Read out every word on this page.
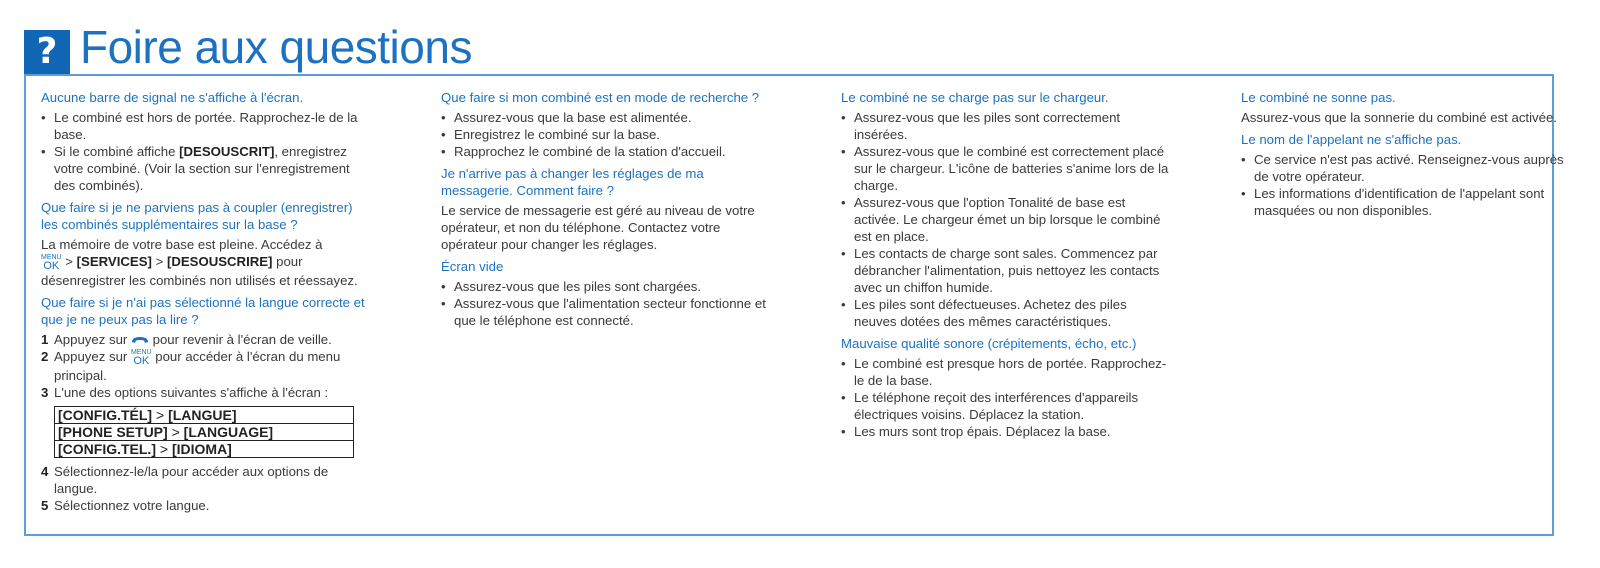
? Foire aux questions
Aucune barre de signal ne s'affiche à l'écran.
• Le combiné est hors de portée. Rapprochez-le de la base.
• Si le combiné affiche [DESOUSCRIT], enregistrez votre combiné. (Voir la section sur l'enregistrement des combinés).
Que faire si je ne parviens pas à coupler (enregistrer) les combinés supplémentaires sur la base ?

La mémoire de votre base est pleine. Accédez à

MENU
OK > [SERVICES] > [DESOUSCRIRE] pour désenregistrer les combinés non utilisés et réessayez.

Que faire si je n'ai pas sélectionné la langue correcte et que je ne peux pas la lire ?
1 Appuyez sur  pour revenir à l'écran de veille.
2 Appuyez sur MENU
OK pour accéder à l'écran du menu principal.
3 L'une des options suivantes s'affiche à l'écran :
[CONFIG.TÉL] > [LANGUE]
[PHONE SETUP] > [LANGUAGE]
[CONFIG.TEL.] > [IDIOMA]
4 Sélectionnez-le/la pour accéder aux options de langue.
5 Sélectionnez votre langue.
Que faire si mon combiné est en mode de recherche ?
• Assurez-vous que la base est alimentée.
• Enregistrez le combiné sur la base.
• Rapprochez le combiné de la station d'accueil.
Je n'arrive pas à changer les réglages de ma messagerie. Comment faire ?

Le service de messagerie est géré au niveau de votre opérateur, et non du téléphone. Contactez votre opérateur pour changer les réglages.

Écran vide
• Assurez-vous que les piles sont chargées.
• Assurez-vous que l'alimentation secteur fonctionne et que le téléphone est connecté.
Le combiné ne se charge pas sur le chargeur.
• Assurez-vous que les piles sont correctement insérées.
• Assurez-vous que le combiné est correctement placé sur le chargeur. L'icône de batteries s'anime lors de la charge.
• Assurez-vous que l'option Tonalité de base est activée. Le chargeur émet un bip lorsque le combiné est en place.
• Les contacts de charge sont sales. Commencez par débrancher l'alimentation, puis nettoyez les contacts avec un chiffon humide.
• Les piles sont défectueuses. Achetez des piles neuves dotées des mêmes caractéristiques.
Mauvaise qualité sonore (crépitements, écho, etc.)
• Le combiné est presque hors de portée. Rapprochez-le de la base.
• Le téléphone reçoit des interférences d'appareils électriques voisins. Déplacez la station.
• Les murs sont trop épais. Déplacez la base.
Le combiné ne sonne pas.

Assurez-vous que la sonnerie du combiné est activée.

Le nom de l'appelant ne s'affiche pas.
• Ce service n'est pas activé. Renseignez-vous auprès de votre opérateur.
• Les informations d'identification de l'appelant sont masquées ou non disponibles.
